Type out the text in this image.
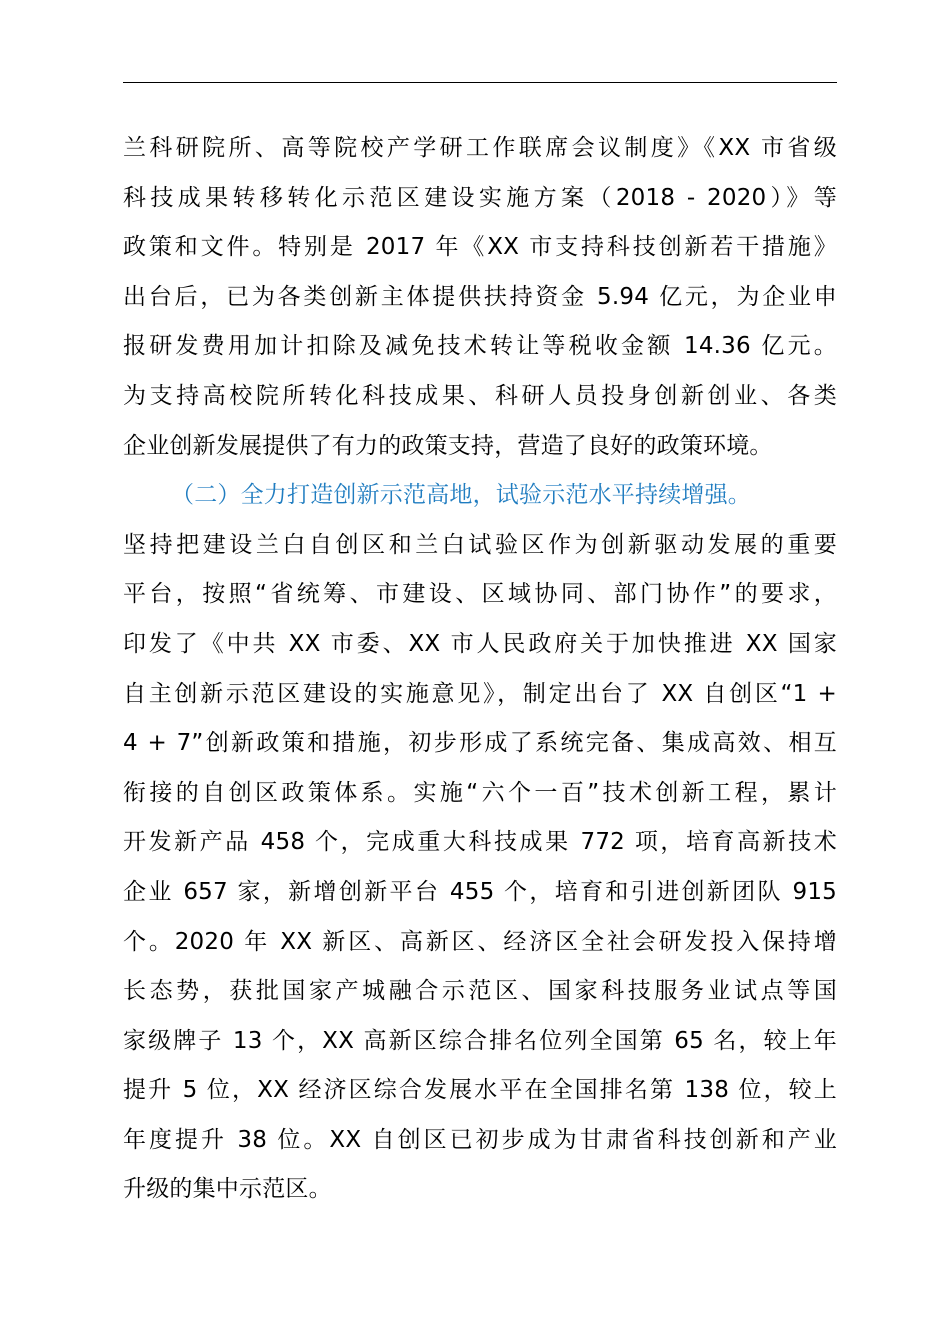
兰科研院所、高等院校产学研工作联席会议制度》《XX 市省级
科技成果转移转化示范区建设实施方案（2018 - 2020）》等
政策和文件。特别是 2017 年《XX 市支持科技创新若干措施》
出台后，已为各类创新主体提供扶持资金 5.94 亿元，为企业申
报研发费用加计扣除及减免技术转让等税收金额 14.36 亿元。
为支持高校院所转化科技成果、科研人员投身创新创业、各类
企业创新发展提供了有力的政策支持，营造了良好的政策环境。
（二）全力打造创新示范高地，试验示范水平持续增强。
坚持把建设兰白自创区和兰白试验区作为创新驱动发展的重要
平台，按照“省统筹、市建设、区域协同、部门协作”的要求，
印发了《中共 XX 市委、XX 市人民政府关于加快推进 XX 国家
自主创新示范区建设的实施意见》，制定出台了 XX 自创区“1 +
4 + 7”创新政策和措施，初步形成了系统完备、集成高效、相互
衔接的自创区政策体系。实施“六个一百”技术创新工程，累计
开发新产品 458 个，完成重大科技成果 772 项，培育高新技术
企业 657 家，新增创新平台 455 个，培育和引进创新团队 915
个。2020 年 XX 新区、高新区、经济区全社会研发投入保持增
长态势，获批国家产城融合示范区、国家科技服务业试点等国
家级牌子 13 个，XX 高新区综合排名位列全国第 65 名，较上年
提升 5 位，XX 经济区综合发展水平在全国排名第 138 位，较上
年度提升 38 位。XX 自创区已初步成为甘肃省科技创新和产业
升级的集中示范区。
